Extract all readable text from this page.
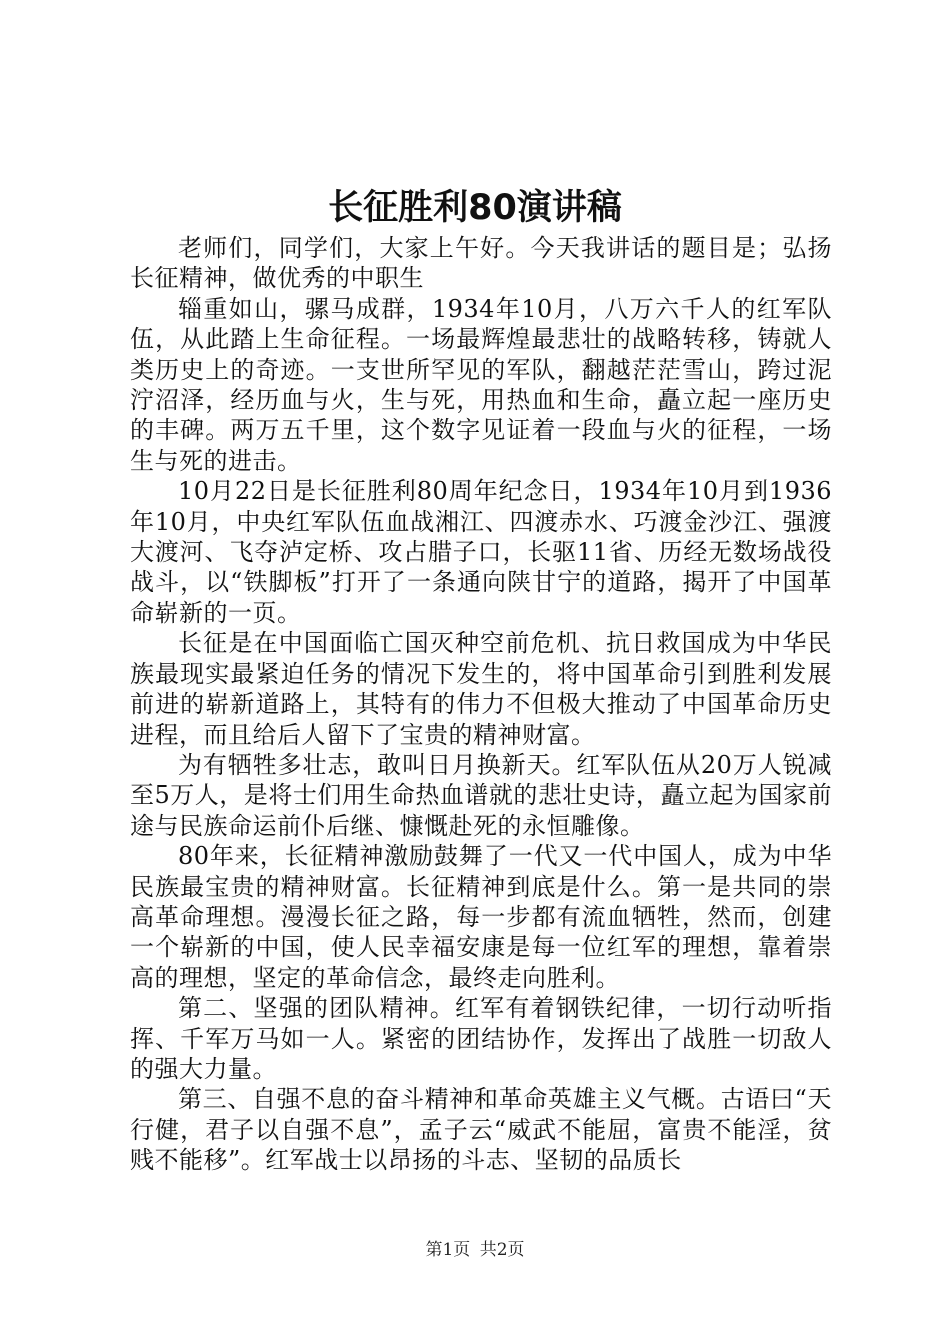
长征胜利80演讲稿

老师们，同学们，大家上午好。今天我讲话的题目是；弘扬长征精神，做优秀的中职生

辎重如山，骡马成群，1934年10月，八万六千人的红军队伍，从此踏上生命征程。一场最辉煌最悲壮的战略转移，铸就人类历史上的奇迹。一支世所罕见的军队，翻越茫茫雪山，跨过泥泞沼泽，经历血与火，生与死，用热血和生命，矗立起一座历史的丰碑。两万五千里，这个数字见证着一段血与火的征程，一场生与死的进击。

10月22日是长征胜利80周年纪念日，1934年10月到1936年10月，中央红军队伍血战湘江、四渡赤水、巧渡金沙江、强渡大渡河、飞夺泸定桥、攻占腊子口，长驱11省、历经无数场战役战斗，以“铁脚板”打开了一条通向陕甘宁的道路，揭开了中国革命崭新的一页。

长征是在中国面临亡国灭种空前危机、抗日救国成为中华民族最现实最紧迫任务的情况下发生的，将中国革命引到胜利发展前进的崭新道路上，其特有的伟力不但极大推动了中国革命历史进程，而且给后人留下了宝贵的精神财富。

为有牺牲多壮志，敢叫日月换新天。红军队伍从20万人锐减至5万人，是将士们用生命热血谱就的悲壮史诗，矗立起为国家前途与民族命运前仆后继、慷慨赴死的永恒雕像。

80年来，长征精神激励鼓舞了一代又一代中国人，成为中华民族最宝贵的精神财富。长征精神到底是什么。第一是共同的崇高革命理想。漫漫长征之路，每一步都有流血牺牲，然而，创建一个崭新的中国，使人民幸福安康是每一位红军的理想，靠着崇高的理想，坚定的革命信念，最终走向胜利。

第二、坚强的团队精神。红军有着钢铁纪律，一切行动听指挥、千军万马如一人。紧密的团结协作，发挥出了战胜一切敌人的强大力量。

第三、自强不息的奋斗精神和革命英雄主义气概。古语曰“天行健，君子以自强不息”，孟子云“威武不能屈，富贵不能淫，贫贱不能移”。红军战士以昂扬的斗志、坚韧的品质长

第1页 共2页
